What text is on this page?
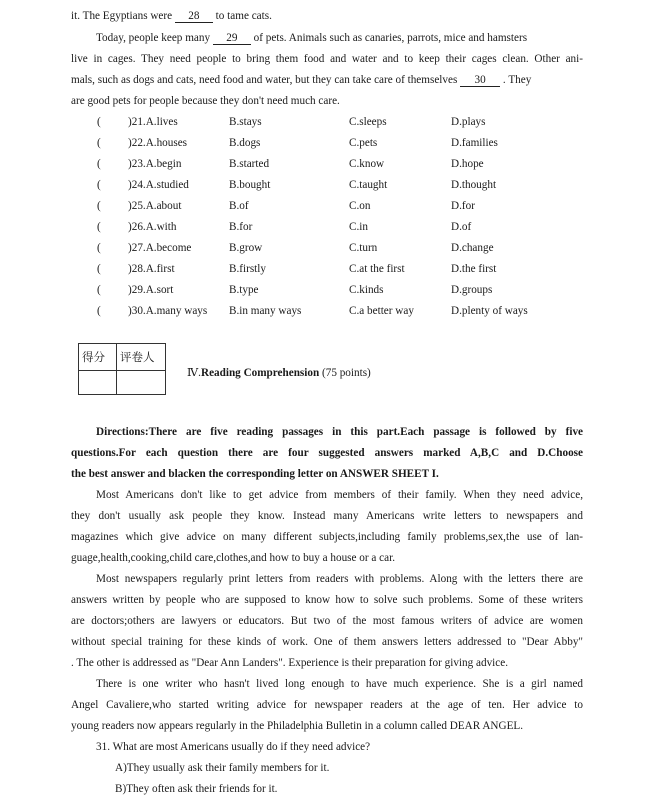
it. The Egyptians were 28 to tame cats.
Today, people keep many 29 of pets. Animals such as canaries, parrots, mice and hamsters
live in cages. They need people to bring them food and water and to keep their cages clean. Other ani-
mals, such as dogs and cats, need food and water, but they can take care of themselves 30 . They
are good pets for people because they don't need much care.
( )21.A.lives	B.stays	C.sleeps	D.plays
( )22.A.houses	B.dogs	C.pets	D.families
( )23.A.begin	B.started	C.know	D.hope
( )24.A.studied	B.bought	C.taught	D.thought
( )25.A.about	B.of	C.on	D.for
( )26.A.with	B.for	C.in	D.of
( )27.A.become	B.grow	C.turn	D.change
( )28.A.first	B.firstly	C.at the first	D.the first
( )29.A.sort	B.type	C.kinds	D.groups
( )30.A.many ways B.in many ways	C.a better way	D.plenty of ways
得分 评卷人
Ⅳ.Reading Comprehension (75 points)
Directions:There are five reading passages in this part.Each passage is followed by five
questions.For each question there are four suggested answers marked A,B,C and D.Choose
the best answer and blacken the corresponding letter on ANSWER SHEET I.
Most Americans don't like to get advice from members of their family. When they need advice,
they don't usually ask people they know. Instead many Americans write letters to newspapers and
magazines which give advice on many different subjects,including family problems,sex,the use of lan-
guage,health,cooking,child care,clothes,and how to buy a house or a car.
Most newspapers regularly print letters from readers with problems. Along with the letters there are
answers written by people who are supposed to know how to solve such problems. Some of these writers
are doctors;others are lawyers or educators. But two of the most famous writers of advice are women
without special training for these kinds of work. One of them answers letters addressed to "Dear Abby"
. The other is addressed as "Dear Ann Landers". Experience is their preparation for giving advice.
There is one writer who hasn't lived long enough to have much experience. She is a girl named
Angel Cavaliere,who started writing advice for newspaper readers at the age of ten. Her advice to
young readers now appears regularly in the Philadelphia Bulletin in a column called DEAR ANGEL.
31. What are most Americans usually do if they need advice?
A)They usually ask their family members for it.
B)They often ask their friends for it.
